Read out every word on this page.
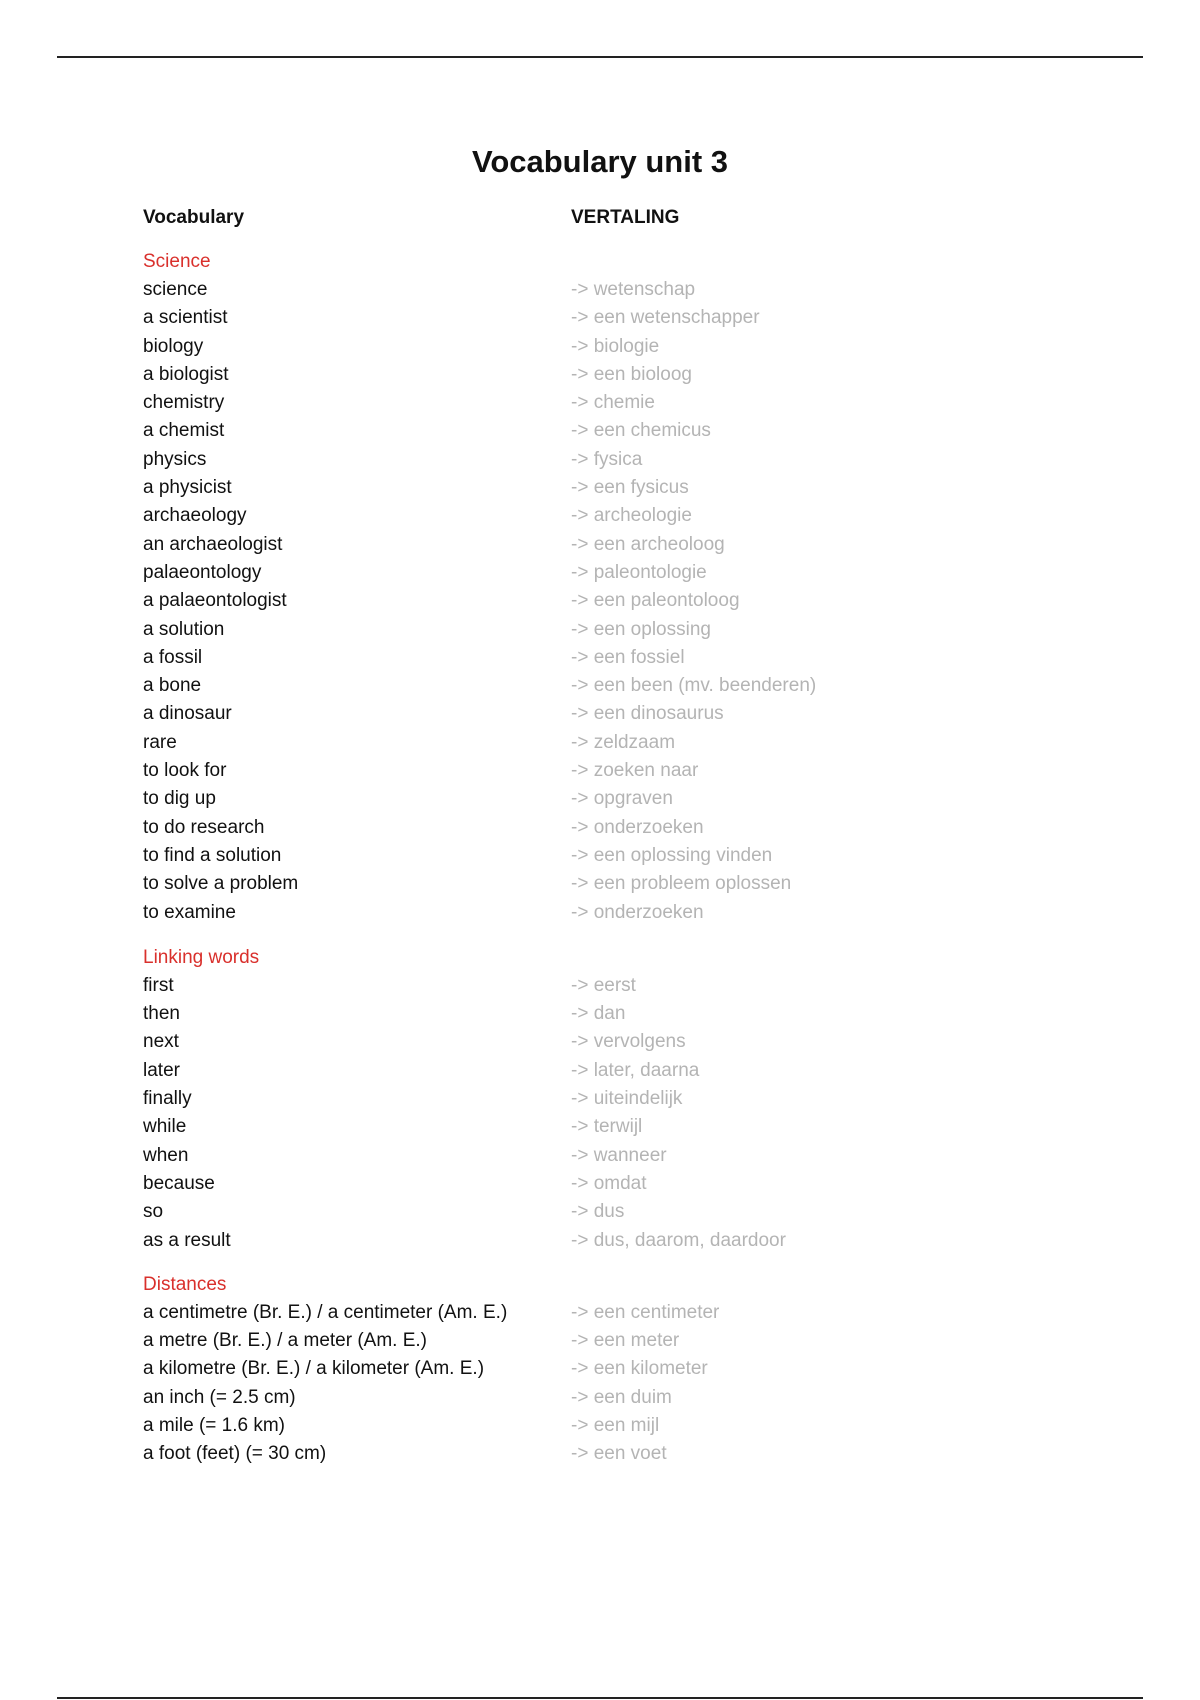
Vocabulary unit 3
Vocabulary	VERTALING
Science
science	-> wetenschap
a scientist	-> een wetenschapper
biology	-> biologie
a biologist	-> een bioloog
chemistry	-> chemie
a chemist	-> een chemicus
physics	-> fysica
a physicist	-> een fysicus
archaeology	-> archeologie
an archaeologist	-> een archeoloog
palaeontology	-> paleontologie
a palaeontologist	-> een paleontoloog
a solution	-> een oplossing
a fossil	-> een fossiel
a bone	-> een been (mv. beenderen)
a dinosaur	-> een dinosaurus
rare	-> zeldzaam
to look for	-> zoeken naar
to dig up	-> opgraven
to do research	-> onderzoeken
to find a solution	-> een oplossing vinden
to solve a problem	-> een probleem oplossen
to examine	-> onderzoeken
Linking words
first	-> eerst
then	-> dan
next	-> vervolgens
later	-> later, daarna
finally	-> uiteindelijk
while	-> terwijl
when	-> wanneer
because	-> omdat
so	-> dus
as a result	-> dus, daarom, daardoor
Distances
a centimetre (Br. E.) / a centimeter (Am. E.)	-> een centimeter
a metre (Br. E.) / a meter (Am. E.)	-> een meter
a kilometre (Br. E.) / a kilometer (Am. E.)	-> een kilometer
an inch (= 2.5 cm)	-> een duim
a mile (= 1.6 km)	-> een mijl
a foot (feet) (= 30 cm)	-> een voet
